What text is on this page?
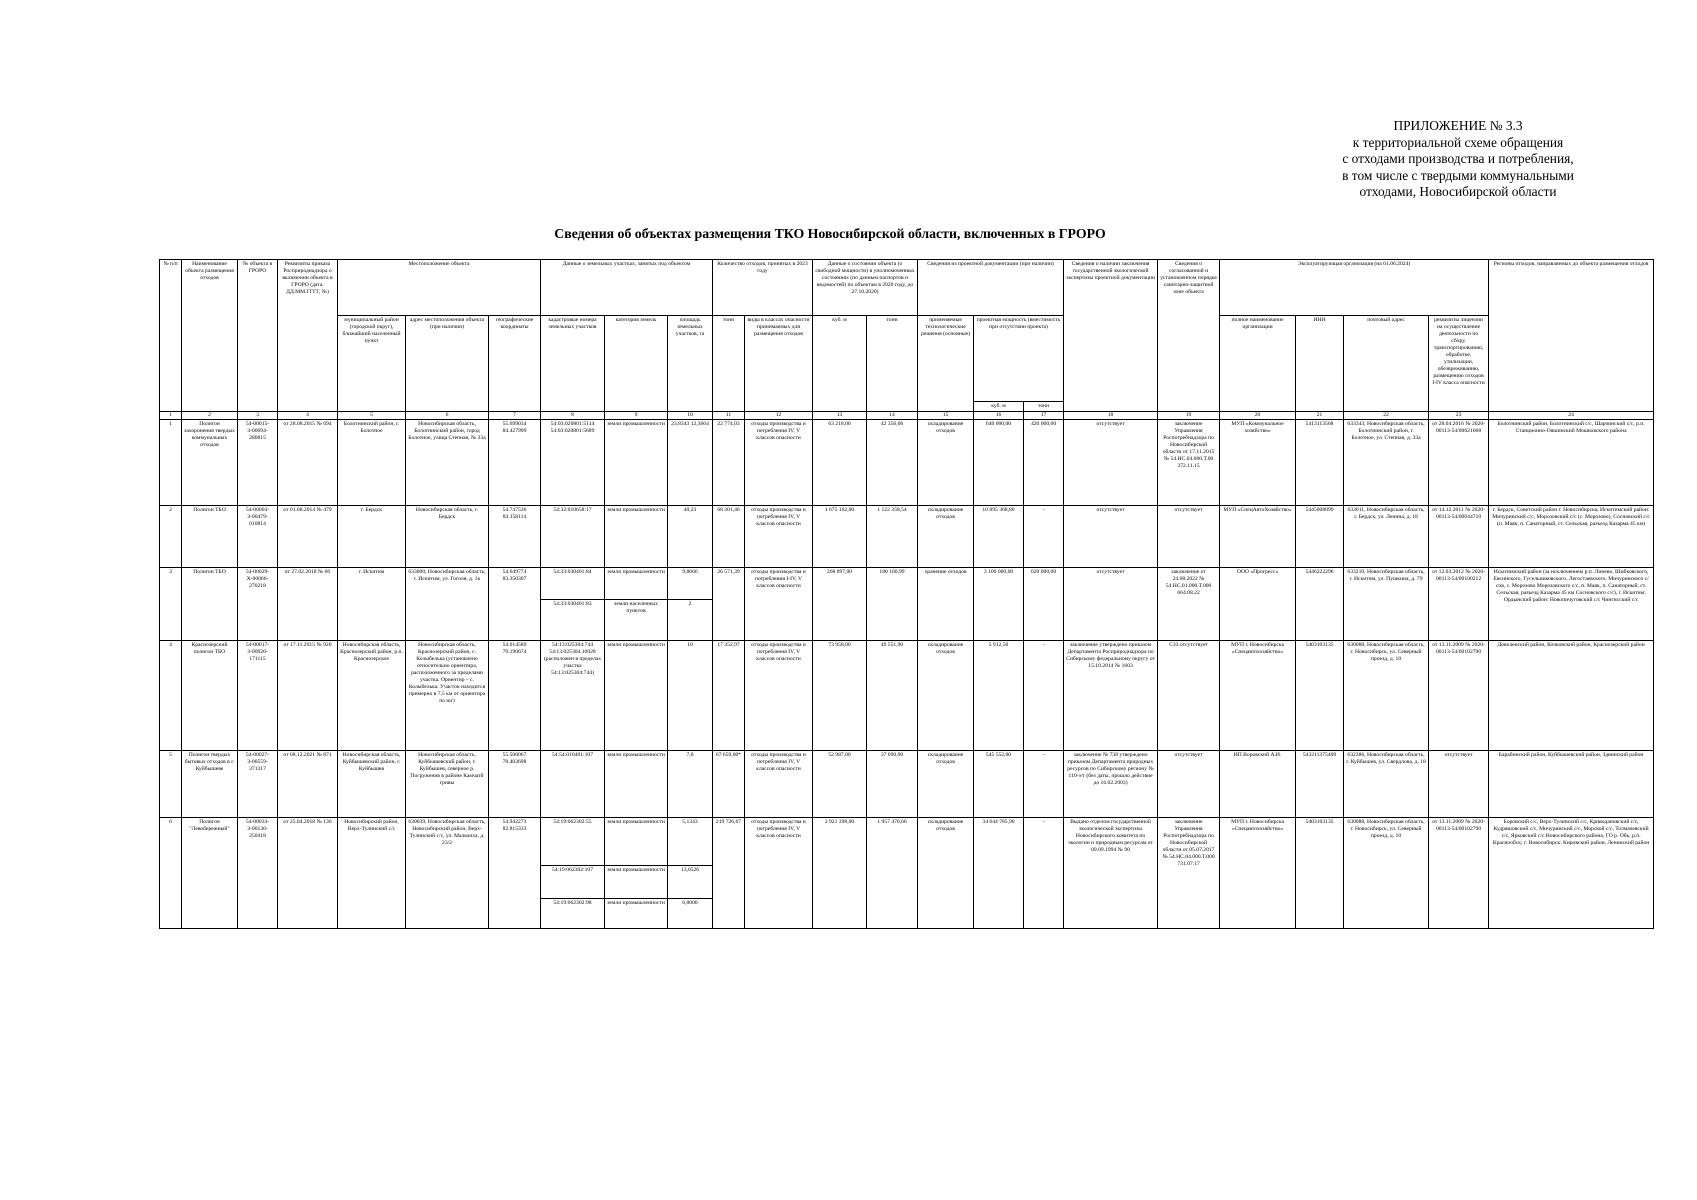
ПРИЛОЖЕНИЕ № 3.3
к территориальной схеме обращения
с отходами производства и потребления,
в том числе с твердыми коммунальными
отходами, Новосибирской области
Сведения об объектах размещения ТКО Новосибирской области, включенных в ГРОРО
№ п/п	Наименование объекта размещения отходов	№ объекта в ГРОРО	Реквизиты приказа Росприроднадзора о включении объекта в ГРОРО (дата: ДД.ММ.ГГГГ, №)	Местоположение объекта			Данные о земельных участках, занятых под объектом			Количество отходов, принятых в 2023 году		Данные о состоянии объекта (о свободной мощности) в уполномоченных состояниях (по данным паспортов и ведомостей) по объектам в 2020 году, до 27.10.2020)		Сведения из проектной документации (при наличии)			Сведения о наличии заключения государственной экологической экспертизы проектной документации	Сведения о согласованной и установленном порядке санитарно-защитной зоне объекта	Эксплуатирующая организация (на 01.06.2024)				Регионы отходов, направляемых до объекта размещения отходов
				муниципальный район (городской округ), ближайший населенный пункт	адрес местоположения объекта (при наличии)	географические координаты	кадастровые номера земельных участков	категория земель	площадь земельных участков, га	тонн	виды в классах опасности принимаемых для размещения отходов	куб. м	тонн	применяемые технологические решения (основные)	проектная мощность (вместимость при отсутствии проекта)				полное наименование организации	ИНН	почтовый адрес	реквизиты лицензии на осуществление деятельности по сбору, транспортированию, обработке, утилизации, обезвреживанию, размещению отходов I-IV класса опасности	
															куб. м	тонн							
1	2	3	4	5	6	7	8	9	10	11	12	13	14	15	16	17	18	19	20	21	22	23	24
1	Полигон захоронения твердых коммунальных отходов	54-00015-З-00694-280815	от 28.08.2015 № 694	Болотнинский район, г. Болотное	Новосибирская область, Болотнинский район, город Болотное, улица Степная, № 33а	55.699034 84.427999	54:03:020801:5114 54:03:020801:5689	земли промышленности	23,8343 12,3664	22 774,03	отходы производства и потребления IV, V классов опасности	63 218,00	42 356,06	складирование отходов	640 000,00	420 000,00	отсутствует	заключение Управления Роспотребнадзора по Новосибирской области от 17.11.2015 № 54.НС.04.000.Т.00 372.11.15	МУП «Коммунальное хозяйство»	5413113568	633343, Новосибирская область, Болотнинский район, г. Болотное, ул. Степная, д. 33а	от 28.04.2016 № 2020-00113-54/00621668	Болотнинский район, Болотнинский с/с, Шарчинский с/с, р.п. Станционно-Ояшинский Мошковского района
2	Полигон ТБО	54-00003-З-00479-010814	от 01.08.2014 № 479	г. Бердск	Новосибирская область, г. Бердск	54.747536 83.158114	54:32:010658:17	земли промышленности	40,23	68 301,46	отходы производства и потребления IV, V классов опасности	1 675 162,00	1 122 358,54	складирование отходов	10 895 368,80	-	отсутствует	отсутствует	МУП «СпецАвтоХозяйство»	5445008099	633011, Новосибирская область, г. Бердск, ул. Ленина, д. 18	от 14.12.2011 № 2020-00113-54/00044710	г. Бердск, Советский район г. Новосибирска, Искитимский район: Мичуринский с/с, Морозовский с/с (с. Морозово), Сосновский с/с (п. Маяк, п. Санаторный, ст. Сельская, разъезд Казарма 45 км)
3	Полигон ТБО	54-00029-Х-00066-270218	от 27.02.2018 № 66	г. Искитим	633000, Новосибирская область, г. Искитим, ул. Гоголя, д. 1к	54.649774 83.350307	54:33:030401:84	земли промышленности	9,8666	26 571,39	отходы производства и потребления I-IV, V классов опасности	268 897,00	180 160,99	хранение отходов	3 100 000,00	620 000,00	отсутствует	заключение от 24.08.2022 № 54.НС.01.000.Т.000 664.08.22	ООО «Прогресс»	5446222296	633210, Новосибирская область, г. Искитим, ул. Пушкина, д. 79	от 12.03.2012 № 2020-00113-54/00100212	Искитимский район (за исключением р.п. Линево, Шибковского, Евсинского, Гусельниковского, Легостаевского, Мичуринского с/сов, с. Морозово Морозовского с/с, п. Маяк, п. Санаторный, ст. Сельская, разъезд Казарма 45 км Сосновского с/с), г. Искитим; Ордынский район: Новопичуговский с/с Чингисский с/с
							54:33:030401:83	земли населенных пунктов	2														
4	Краснозерский полигон ТБО	54-00017-З-00920-171115	от 17.11.2015 № 920	Новосибирская область, Краснозерский район, р.п. Краснозерское	Новосибирская область, Краснозерский район, с. Колыбелька (установлено относительно ориентира, расположенного за пределами участка. Ориентир – с. Колыбелька. Участок находится примерно в 7,5 км от ориентира по юг)	54.014589 79.190674	54:13:025304:744 54:13:025304.10028 (расположен в пределах участка 54:13:025304:744)	земли промышленности	10	17 352,97	отходы производства и потребления IV, V классов опасности	73 958,00	49 551,90	складирование отходов	5 912,50	-	заключение утверждено приказом Департамента Росприроднадзора по Сибирскому федеральному округу от 15.10.2014 № 1603	СЗЗ отсутствует	МУП г. Новосибирска «Спецавтохозяйство»	5403103135	630088, Новосибирская область, г. Новосибирск, ул. Северный проезд, д. 10	от 13.11.2009 № 2020-00113-54/00102790	Доволенский район, Кочковский район, Краснозерский район
5	Полигон твердых бытовых отходов в г. Куйбышеве	54-00027-З-00559-371317	от 08.12.2021 № 871	Новосибирская область, Куйбышевский район, г. Куйбышев	Новосибирская область, Куйбышевский район, г. Куйбышев, северное р. Погружения в районе Камчатй гривы	55.500067 78.403698	54:54:010401:107	земли промышленности	7,8	67 659,00*	отходы производства и потребления IV, V классов опасности	52 987,00	37 090,90	складирование отходов	545 552,00	-	заключение № 738 утверждено приказом Департамента природных ресурсов по Сибирскому региону № 110-э/т (без даты, прошло действие до 16.02.2003)	отсутствует	ИП Воровский А.И.	543211375409	632386, Новосибирская область, г. Куйбышев, ул. Свердлова, д. 18	отсутствует	Барабинский район, Куйбышевский район, Здвинский район
6	Полигон "Левобережный"	54-00033-З-00136-250418	от 25.04.2018 № 136	Новосибирский район, Верх-Тулинский с/с	630039, Новосибирская область, Новосибирский район, Верх-Тулинский с/с, ул. Мальчиха, д. 23/2	54.942273 82.815333	54:19:062302:55	земли промышленности	5,1343	219 726,67	отходы производства и потребления IV, V классов опасности	2 921 398,00	1 957 470,66	складирование отходов	34 644 785,90	-	Выдано отделом государственной экологической экспертизы Новосибирского комитета по экологии и природным ресурсам от 09.09.1994 № 90	заключение Управления Роспотребнадзора по Новосибирской области от 05.07.2017 № 54.НС.04.000.Т.000 731.07.17	МУП г. Новосибирска «Спецавтохозяйство»	5403103135	630088, Новосибирская область, г. Новосибирск, ул. Северный проезд, д. 10	от 13.11.2009 № 2020-00113-54/00102790	Боровский с/с, Верх-Тулинский с/с, Криводановский с/с, Кудряшовский с/с, Мичуринский с/с, Морской с/с, Толмачевский с/с, Ярковский с/с Новосибирского района, ГО р. Обь, р.п. Краснообск; г. Новосибирск: Кировский район, Ленинский район
							54:19:062302:107	земли промышленности	13,0526														
							54:19:062302:98	земли промышленности	6,0000														
